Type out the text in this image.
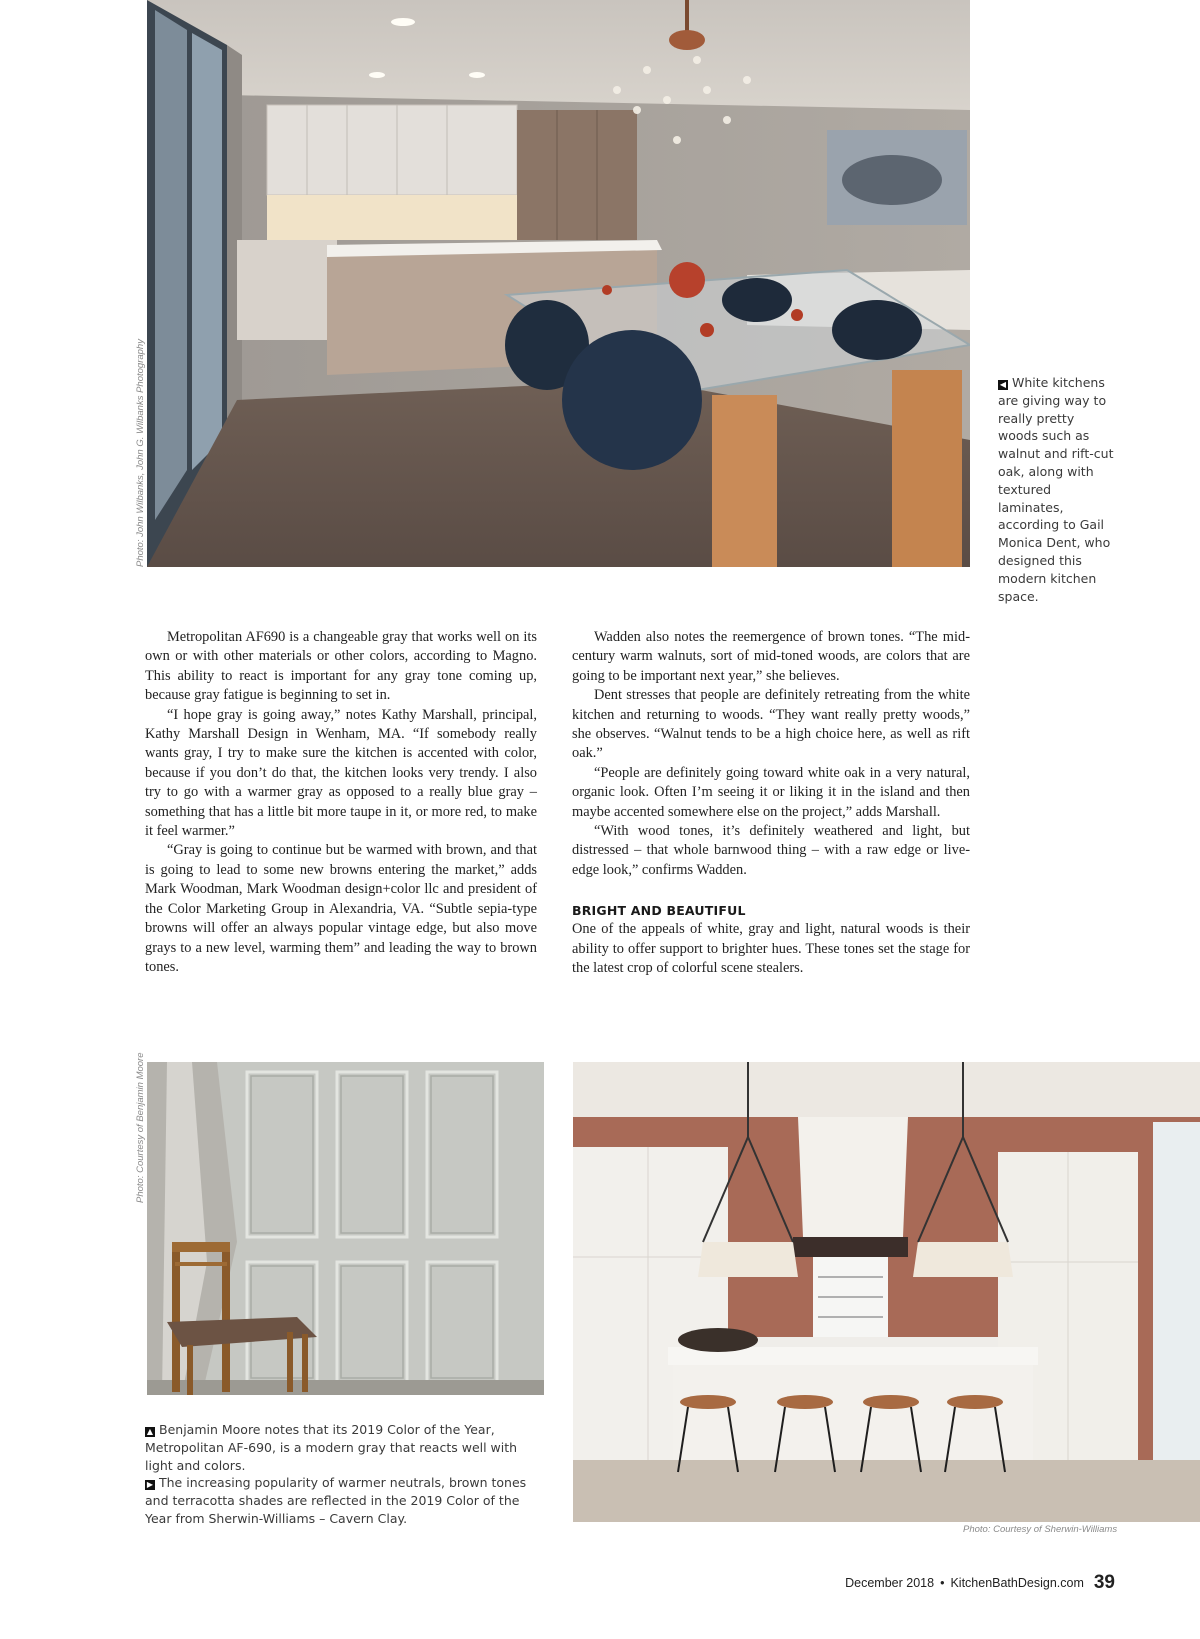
Photo: John Wilbanks, John G. Wilbanks Photography	◀ White kitchens are giving way to really pretty woods such as walnut and rift-cut oak, along with textured laminates, according to Gail Monica Dent, who designed this modern kitchen space.

Metropolitan AF690 is a changeable gray that works well on its own or with other materials or other colors, according to Magno. This ability to react is important for any gray tone coming up, because gray fatigue is beginning to set in.

“I hope gray is going away,” notes Kathy Marshall, principal, Kathy Marshall Design in Wenham, MA. “If somebody really wants gray, I try to make sure the kitchen is accented with color, because if you don’t do that, the kitchen looks very trendy. I also try to go with a warmer gray as opposed to a really blue gray – something that has a little bit more taupe in it, or more red, to make it feel warmer.”

“Gray is going to continue but be warmed with brown, and that is going to lead to some new browns entering the market,” adds Mark Woodman, Mark Woodman design+color llc and president of the Color Marketing Group in Alexandria, VA. “Subtle sepia-type browns will offer an always popular vintage edge, but also move grays to a new level, warming them” and leading the way to brown tones.

Wadden also notes the reemergence of brown tones. “The mid-century warm walnuts, sort of mid-toned woods, are colors that are going to be important next year,” she believes.

Dent stresses that people are definitely retreating from the white kitchen and returning to woods. “They want really pretty woods,” she observes. “Walnut tends to be a high choice here, as well as rift oak.”

“People are definitely going toward white oak in a very natural, organic look. Often I’m seeing it or liking it in the island and then maybe accented somewhere else on the project,” adds Marshall.

“With wood tones, it’s definitely weathered and light, but distressed – that whole barnwood thing – with a raw edge or live-edge look,” confirms Wadden.

BRIGHT AND BEAUTIFUL

One of the appeals of white, gray and light, natural woods is their ability to offer support to brighter hues. These tones set the stage for the latest crop of colorful scene stealers.

Photo: Courtesy of Benjamin Moore
▲ Benjamin Moore notes that its 2019 Color of the Year, Metropolitan AF-690, is a modern gray that reacts well with light and colors.
▶ The increasing popularity of warmer neutrals, brown tones and terracotta shades are reflected in the 2019 Color of the Year from Sherwin-Williams – Cavern Clay.
Photo: Courtesy of Sherwin-Williams
December 2018 • KitchenBathDesign.com 39
